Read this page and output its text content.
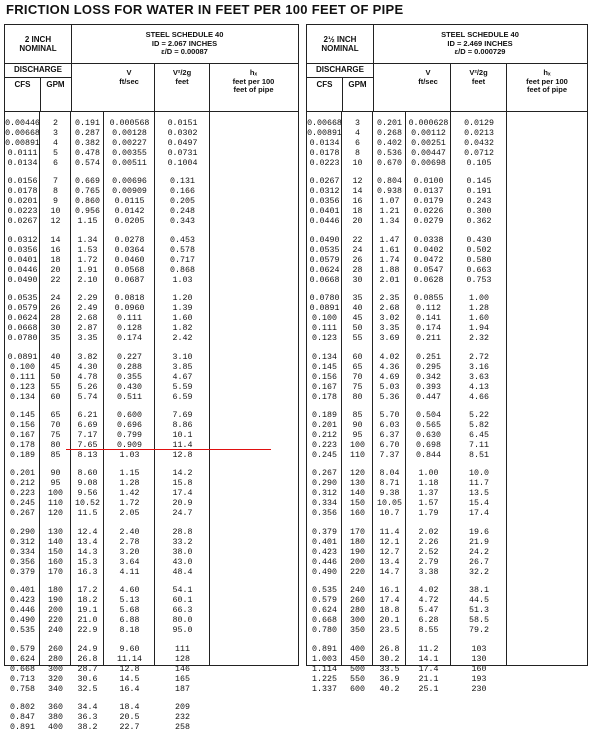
FRICTION LOSS FOR WATER IN FEET PER 100 FEET OF PIPE
2 INCH
NOMINAL
STEEL SCHEDULE 40
ID = 2.067 INCHES
ε/D = 0.00087
DISCHARGE
CFS	GPM
V
ft/sec
V²/2g
feet
hₓ
feet per 100
feet of pipe
0.00446	2	0.191	0.000568	0.0151
0.00668	3	0.287	0.00128	0.0302
0.00891	4	0.382	0.00227	0.0497
0.0111	5	0.478	0.00355	0.0731
0.0134	6	0.574	0.00511	0.1004
0.0156	7	0.669	0.00696	0.131
0.0178	8	0.765	0.00909	0.166
0.0201	9	0.860	0.0115	0.205
0.0223	10	0.956	0.0142	0.248
0.0267	12	1.15	0.0205	0.343
0.0312	14	1.34	0.0278	0.453
0.0356	16	1.53	0.0364	0.578
0.0401	18	1.72	0.0460	0.717
0.0446	20	1.91	0.0568	0.868
0.0490	22	2.10	0.0687	1.03
0.0535	24	2.29	0.0818	1.20
0.0579	26	2.49	0.0960	1.39
0.0624	28	2.68	0.111	1.60
0.0668	30	2.87	0.128	1.82
0.0780	35	3.35	0.174	2.42
0.0891	40	3.82	0.227	3.10
0.100	45	4.30	0.288	3.85
0.111	50	4.78	0.355	4.67
0.123	55	5.26	0.430	5.59
0.134	60	5.74	0.511	6.59
0.145	65	6.21	0.600	7.69
0.156	70	6.69	0.696	8.86
0.167	75	7.17	0.799	10.1
0.178	80	7.65	0.909	11.4
0.189	85	8.13	1.03	12.8
0.201	90	8.60	1.15	14.2
0.212	95	9.08	1.28	15.8
0.223	100	9.56	1.42	17.4
0.245	110	10.52	1.72	20.9
0.267	120	11.5	2.05	24.7
0.290	130	12.4	2.40	28.8
0.312	140	13.4	2.78	33.2
0.334	150	14.3	3.20	38.0
0.356	160	15.3	3.64	43.0
0.379	170	16.3	4.11	48.4
0.401	180	17.2	4.60	54.1
0.423	190	18.2	5.13	60.1
0.446	200	19.1	5.68	66.3
0.490	220	21.0	6.88	80.0
0.535	240	22.9	8.18	95.0
0.579	260	24.9	9.60	111
0.624	280	26.8	11.14	128
0.668	300	28.7	12.8	146
0.713	320	30.6	14.5	165
0.758	340	32.5	16.4	187
0.802	360	34.4	18.4	209
0.847	380	36.3	20.5	232
0.891	400	38.2	22.7	258
2½ INCH
NOMINAL
STEEL SCHEDULE 40
ID = 2.469 INCHES
ε/D = 0.000729
DISCHARGE
CFS	GPM
V
ft/sec
V²/2g
feet
hₓ
feet per 100
feet of pipe
0.00668	3	0.201 0.000628	0.0129
0.00891	4	0.268	0.00112	0.0213
0.0134	6	0.402	0.00251	0.0432
0.0178	8	0.536	0.00447	0.0712
0.0223	10	0.670	0.00698	0.105
0.0267	12	0.804	0.0100	0.145
0.0312	14	0.938	0.0137	0.191
0.0356	16	1.07	0.0179	0.243
0.0401	18	1.21	0.0226	0.300
0.0446	20	1.34	0.0279	0.362
0.0490	22	1.47	0.0338	0.430
0.0535	24	1.61	0.0402	0.502
0.0579	26	1.74	0.0472	0.580
0.0624	28	1.88	0.0547	0.663
0.0668	30	2.01	0.0628	0.753
0.0780	35	2.35	0.0855	1.00
0.0891	40	2.68	0.112	1.28
0.100	45	3.02	0.141	1.60
0.111	50	3.35	0.174	1.94
0.123	55	3.69	0.211	2.32
0.134	60	4.02	0.251	2.72
0.145	65	4.36	0.295	3.16
0.156	70	4.69	0.342	3.63
0.167	75	5.03	0.393	4.13
0.178	80	5.36	0.447	4.66
0.189	85	5.70	0.504	5.22
0.201	90	6.03	0.565	5.82
0.212	95	6.37	0.630	6.45
0.223	100	6.70	0.698	7.11
0.245	110	7.37	0.844	8.51
0.267	120	8.04	1.00	10.0
0.290	130	8.71	1.18	11.7
0.312	140	9.38	1.37	13.5
0.334	150	10.05	1.57	15.4
0.356	160	10.7	1.79	17.4
0.379	170	11.4	2.02	19.6
0.401	180	12.1	2.26	21.9
0.423	190	12.7	2.52	24.2
0.446	200	13.4	2.79	26.7
0.490	220	14.7	3.38	32.2
0.535	240	16.1	4.02	38.1
0.579	260	17.4	4.72	44.5
0.624	280	18.8	5.47	51.3
0.668	300	20.1	6.28	58.5
0.780	350	23.5	8.55	79.2
0.891	400	26.8	11.2	103
1.003	450	30.2	14.1	130
1.114	500	33.5	17.4	160
1.225	550	36.9	21.1	193
1.337	600	40.2	25.1	230
